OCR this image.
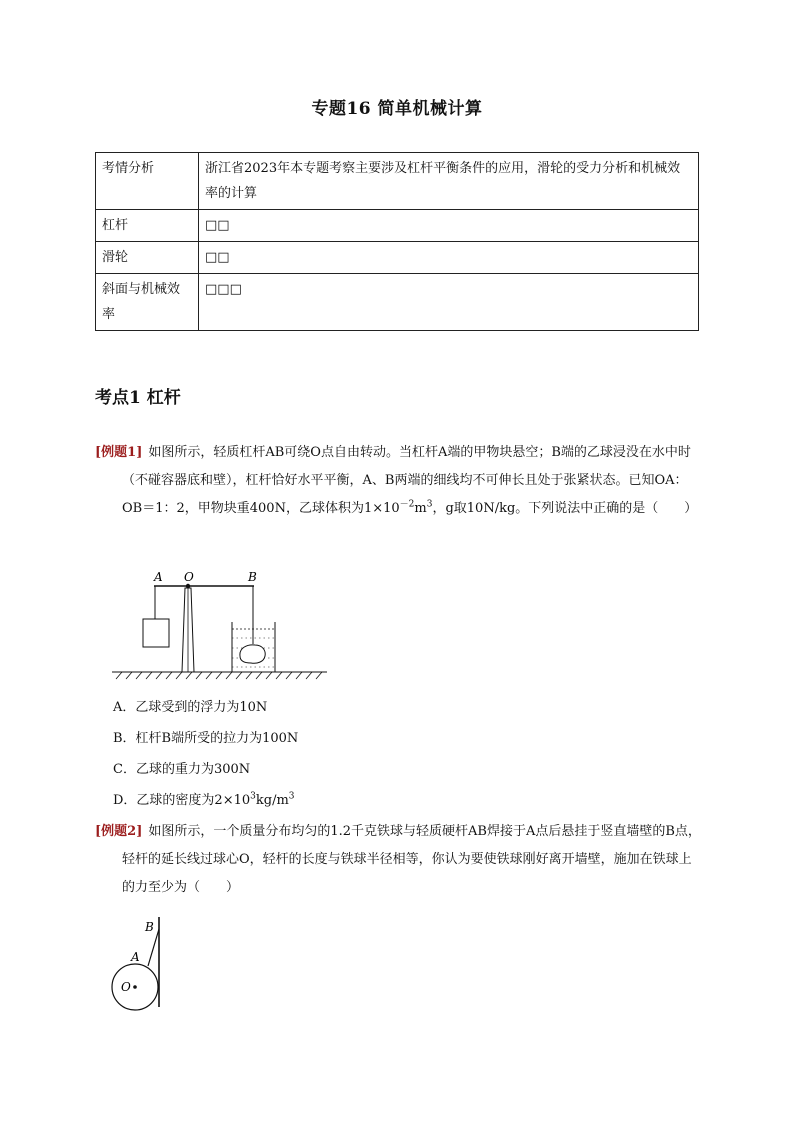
专题16 简单机械计算
考情分析	浙江省2023年本专题考察主要涉及杠杆平衡条件的应用，滑轮的受力分析和机械效率的计算
杠杆	□□
滑轮	□□
斜面与机械效率	□□□
考点1 杠杆
[例题1] 如图所示，轻质杠杆AB可绕O点自由转动。当杠杆A端的甲物块悬空；B端的乙球浸没在水中时（不碰容器底和壁），杠杆恰好水平平衡，A、B两端的细线均不可伸长且处于张紧状态。已知OA：OB＝1：2，甲物块重400N，乙球体积为$1\times 10^{-2}m^3$，g取10N/kg。下列说法中正确的是（　　）
A O	B
A．乙球受到的浮力为10N
B．杠杆B端所受的拉力为100N
C．乙球的重力为300N
D．乙球的密度为$2\times 10^3kg/m^3$
[例题2] 如图所示，一个质量分布均匀的1.2千克铁球与轻质硬杆AB焊接于A点后悬挂于竖直墙壁的B点，轻杆的延长线过球心O，轻杆的长度与铁球半径相等，你认为要使铁球刚好离开墙壁，施加在铁球上的力至少为（　　）
B
A
O
